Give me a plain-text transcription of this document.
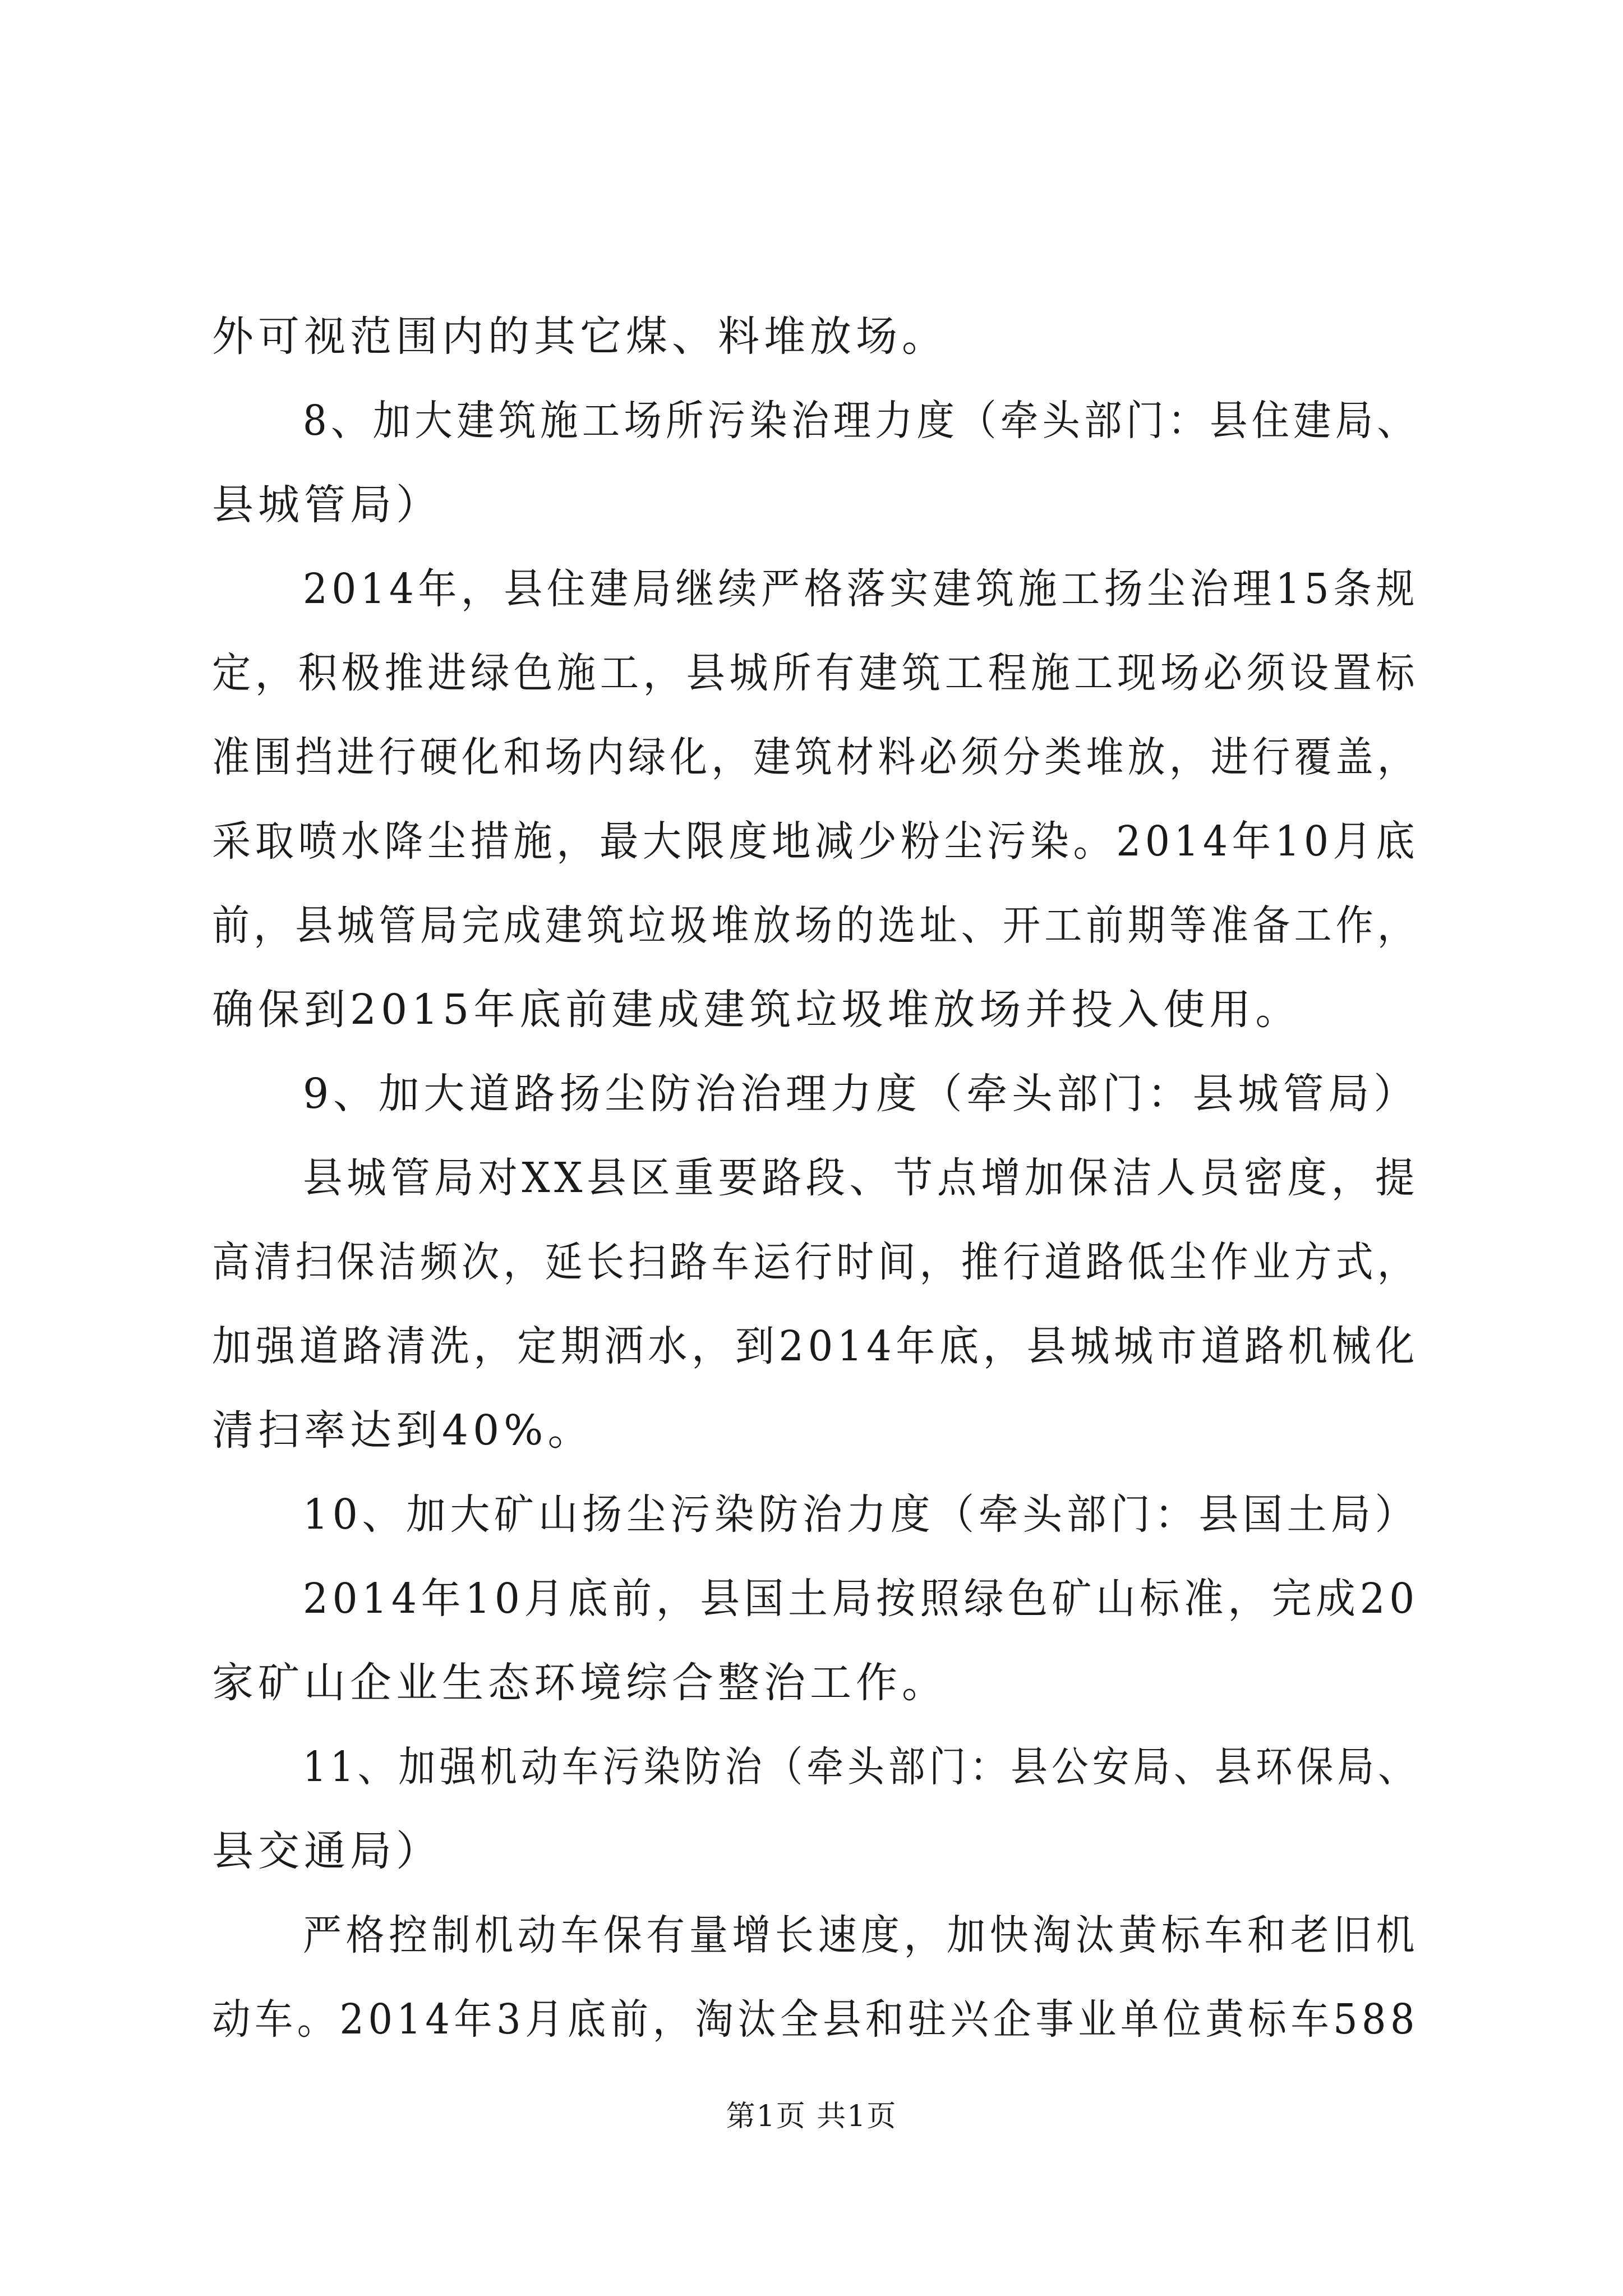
外可视范围内的其它煤、料堆放场。
8、加大建筑施工场所污染治理力度（牵头部门：县住建局、
县城管局）
2014年，县住建局继续严格落实建筑施工扬尘治理15条规
定，积极推进绿色施工，县城所有建筑工程施工现场必须设置标
准围挡进行硬化和场内绿化，建筑材料必须分类堆放，进行覆盖，
采取喷水降尘措施，最大限度地减少粉尘污染。2014年10月底
前，县城管局完成建筑垃圾堆放场的选址、开工前期等准备工作，
确保到2015年底前建成建筑垃圾堆放场并投入使用。
9、加大道路扬尘防治治理力度（牵头部门：县城管局）
县城管局对XX县区重要路段、节点增加保洁人员密度，提
高清扫保洁频次，延长扫路车运行时间，推行道路低尘作业方式，
加强道路清洗，定期洒水，到2014年底，县城城市道路机械化
清扫率达到40%。
10、加大矿山扬尘污染防治力度（牵头部门：县国土局）
2014年10月底前，县国土局按照绿色矿山标准，完成20
家矿山企业生态环境综合整治工作。
11、加强机动车污染防治（牵头部门：县公安局、县环保局、
县交通局）
严格控制机动车保有量增长速度，加快淘汰黄标车和老旧机
动车。2014年3月底前，淘汰全县和驻兴企事业单位黄标车588
第1页 共1页
